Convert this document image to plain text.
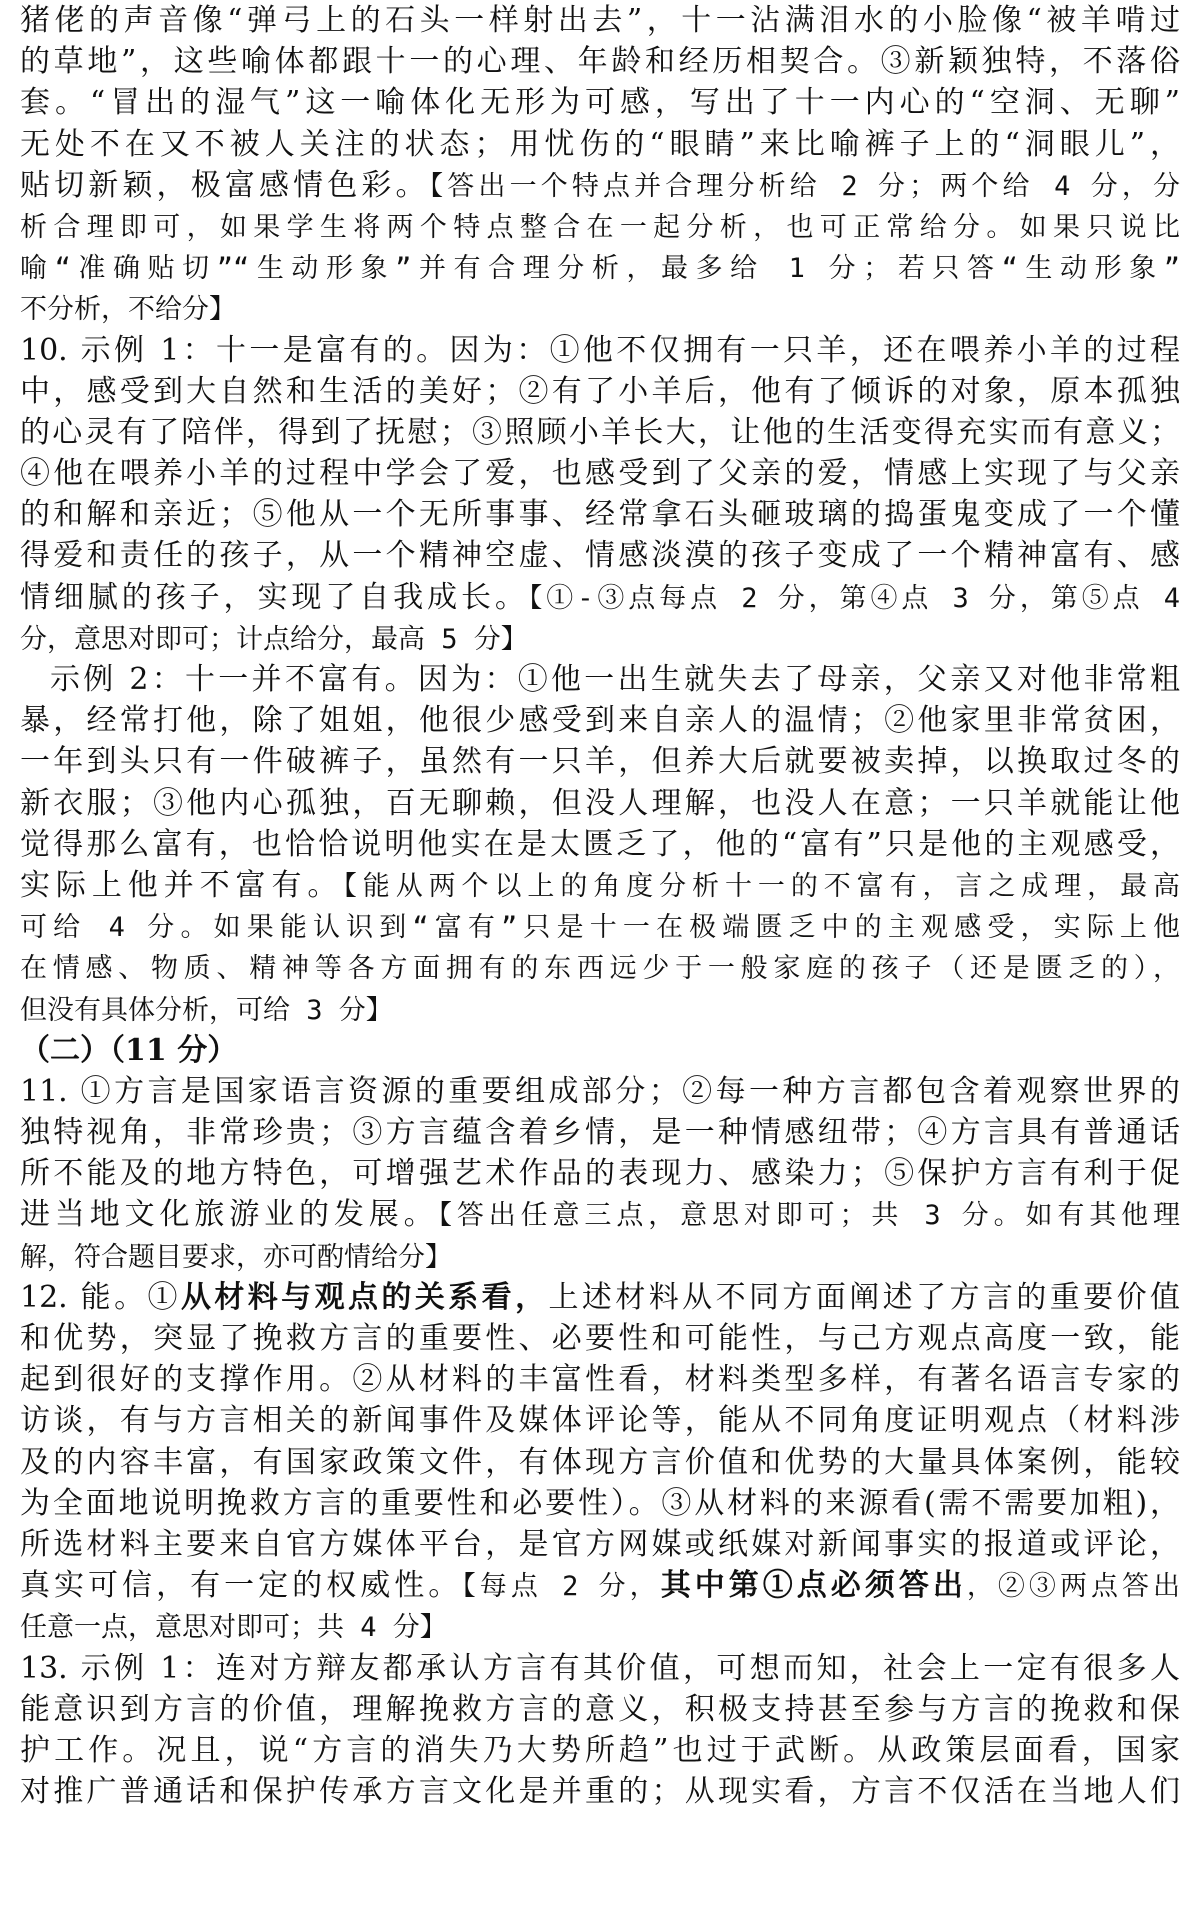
猪佬的声音像“弹弓上的石头一样射出去”，十一沾满泪水的小脸像“被羊啃过
的草地”，这些喻体都跟十一的心理、年龄和经历相契合。③新颖独特，不落俗
套。“冒出的湿气”这一喻体化无形为可感，写出了十一内心的“空洞、无聊”
无处不在又不被人关注的状态；用忧伤的“眼睛”来比喻裤子上的“洞眼儿”，
贴切新颖，极富感情色彩。【答出一个特点并合理分析给 2 分；两个给 4 分，分
析合理即可，如果学生将两个特点整合在一起分析，也可正常给分。如果只说比
喻“准确贴切”“生动形象”并有合理分析，最多给 1 分；若只答“生动形象”
不分析，不给分】
10. 示例 1：十一是富有的。因为：①他不仅拥有一只羊，还在喂养小羊的过程
中，感受到大自然和生活的美好；②有了小羊后，他有了倾诉的对象，原本孤独
的心灵有了陪伴，得到了抚慰；③照顾小羊长大，让他的生活变得充实而有意义；
④他在喂养小羊的过程中学会了爱，也感受到了父亲的爱，情感上实现了与父亲
的和解和亲近；⑤他从一个无所事事、经常拿石头砸玻璃的捣蛋鬼变成了一个懂
得爱和责任的孩子，从一个精神空虚、情感淡漠的孩子变成了一个精神富有、感
情细腻的孩子，实现了自我成长。【①-③点每点 2 分，第④点 3 分，第⑤点 4
分，意思对即可；计点给分，最高 5 分】
示例 2：十一并不富有。因为：①他一出生就失去了母亲，父亲又对他非常粗
暴，经常打他，除了姐姐，他很少感受到来自亲人的温情；②他家里非常贫困，
一年到头只有一件破裤子，虽然有一只羊，但养大后就要被卖掉，以换取过冬的
新衣服；③他内心孤独，百无聊赖，但没人理解，也没人在意；一只羊就能让他
觉得那么富有，也恰恰说明他实在是太匮乏了，他的“富有”只是他的主观感受，
实际上他并不富有。【能从两个以上的角度分析十一的不富有，言之成理，最高
可给 4 分。如果能认识到“富有”只是十一在极端匮乏中的主观感受，实际上他
在情感、物质、精神等各方面拥有的东西远少于一般家庭的孩子（还是匮乏的），
但没有具体分析，可给 3 分】
（二）（11 分）
11. ①方言是国家语言资源的重要组成部分；②每一种方言都包含着观察世界的
独特视角，非常珍贵；③方言蕴含着乡情，是一种情感纽带；④方言具有普通话
所不能及的地方特色，可增强艺术作品的表现力、感染力；⑤保护方言有利于促
进当地文化旅游业的发展。【答出任意三点，意思对即可；共 3 分。如有其他理
解，符合题目要求，亦可酌情给分】
12. 能。①从材料与观点的关系看，上述材料从不同方面阐述了方言的重要价值
和优势，突显了挽救方言的重要性、必要性和可能性，与己方观点高度一致，能
起到很好的支撑作用。②从材料的丰富性看，材料类型多样，有著名语言专家的
访谈，有与方言相关的新闻事件及媒体评论等，能从不同角度证明观点（材料涉
及的内容丰富，有国家政策文件，有体现方言价值和优势的大量具体案例，能较
为全面地说明挽救方言的重要性和必要性）。③从材料的来源看(需不需要加粗)，
所选材料主要来自官方媒体平台，是官方网媒或纸媒对新闻事实的报道或评论，
真实可信，有一定的权威性。【每点 2 分，其中第①点必须答出，②③两点答出
任意一点，意思对即可；共 4 分】
13. 示例 1：连对方辩友都承认方言有其价值，可想而知，社会上一定有很多人
能意识到方言的价值，理解挽救方言的意义，积极支持甚至参与方言的挽救和保
护工作。况且，说“方言的消失乃大势所趋”也过于武断。从政策层面看，国家
对推广普通话和保护传承方言文化是并重的；从现实看，方言不仅活在当地人们
